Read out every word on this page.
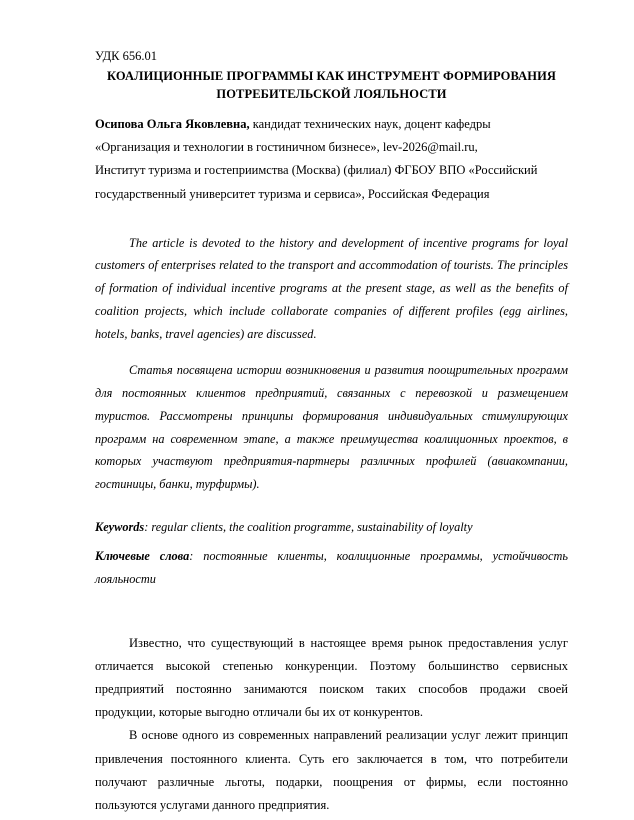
УДК 656.01

КОАЛИЦИОННЫЕ ПРОГРАММЫ КАК ИНСТРУМЕНТ ФОРМИРОВАНИЯ
ПОТРЕБИТЕЛЬСКОЙ ЛОЯЛЬНОСТИ
Осипова Ольга Яковлевна, кандидат технических наук, доцент кафедры «Организация и технологии в гостиничном бизнесе», lev-2026@mail.ru,
Институт туризма и гостеприимства (Москва) (филиал) ФГБОУ ВПО «Российский государственный университет туризма и сервиса», Российская Федерация

The article is devoted to the history and development of incentive programs for loyal customers of enterprises related to the transport and accommodation of tourists. The principles of formation of individual incentive programs at the present stage, as well as the benefits of coalition projects, which include collaborate companies of different profiles (egg airlines, hotels, banks, travel agencies) are discussed.

Статья посвящена истории возникновения и развития поощрительных программ для постоянных клиентов предприятий, связанных с перевозкой и размещением туристов. Рассмотрены принципы формирования индивидуальных стимулирующих программ на современном этапе, а также преимущества коалиционных проектов, в которых участвуют предприятия-партнеры различных профилей (авиакомпании, гостиницы, банки, турфирмы).

Keywords: regular clients, the coalition programme, sustainability of loyalty

Ключевые слова: постоянные клиенты, коалиционные программы, устойчивость лояльности

Известно, что существующий в настоящее время рынок предоставления услуг отличается высокой степенью конкуренции. Поэтому большинство сервисных предприятий постоянно занимаются поиском таких способов продажи своей продукции, которые выгодно отличали бы их от конкурентов.

В основе одного из современных направлений реализации услуг лежит принцип привлечения постоянного клиента. Суть его заключается в том, что потребители получают различные льготы, подарки, поощрения от фирмы, если постоянно пользуются услугами данного предприятия.
